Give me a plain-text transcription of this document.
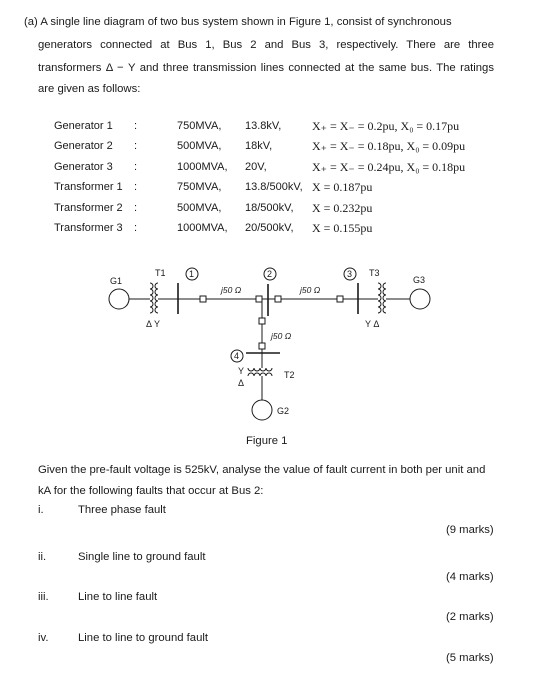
(a) A single line diagram of two bus system shown in Figure 1, consist of synchronous
generators connected at Bus 1, Bus 2 and Bus 3, respectively. There are three
transformers Δ − Y and three transmission lines connected at the same bus. The ratings
are given as follows:
Generator 1 :	750MVA, 13.8kV,	X₊ = X₋ = 0.2pu, X₀ = 0.17pu
Generator 2 :	500MVA, 18kV,	X₊ = X₋ = 0.18pu, X₀ = 0.09pu
Generator 3 :	1000MVA, 20V,	X₊ = X₋ = 0.24pu, X₀ = 0.18pu
Transformer 1 :	750MVA, 13.8/500kV, X = 0.187pu
Transformer 2 :	500MVA, 18/500kV, X = 0.232pu
Transformer 3 :	1000MVA, 20/500kV, X = 0.155pu
G1
T1	1	2	3
4
T3
G3
j50 Ω	j50 Ω
j50 Ω
Δ Y	Y Δ
Y
Δ
T2
G2
Figure 1
Given the pre-fault voltage is 525kV, analyse the value of fault current in both per unit and
kA for the following faults that occur at Bus 2:
i.	Three phase fault
(9 marks)
ii.	Single line to ground fault
(4 marks)
iii.	Line to line fault
(2 marks)
iv.	Line to line to ground fault
(5 marks)
